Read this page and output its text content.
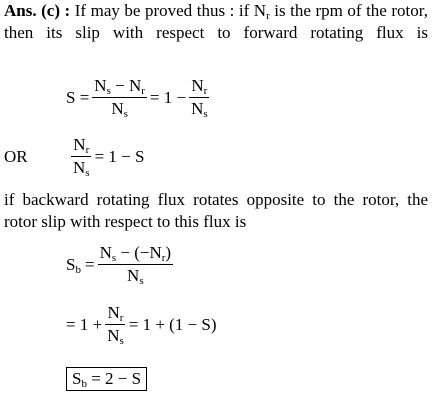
Ans. (c) : If may be proved thus : if $N_r$ is the rpm of the rotor, then its slip with respect to forward rotating flux is
$S = \frac{N_s - N_r}{N_s} = 1 - \frac{N_r}{N_s}$
OR	$\frac{N_r}{N_s} = 1 - S$
if backward rotating flux rotates opposite to the rotor, the rotor slip with respect to this flux is
$S_b = \frac{N_s - (-N_r)}{N_s}$
= $1 + \frac{N_r}{N_s} = 1 + (1 - S)$
$S_b = 2 - S$
